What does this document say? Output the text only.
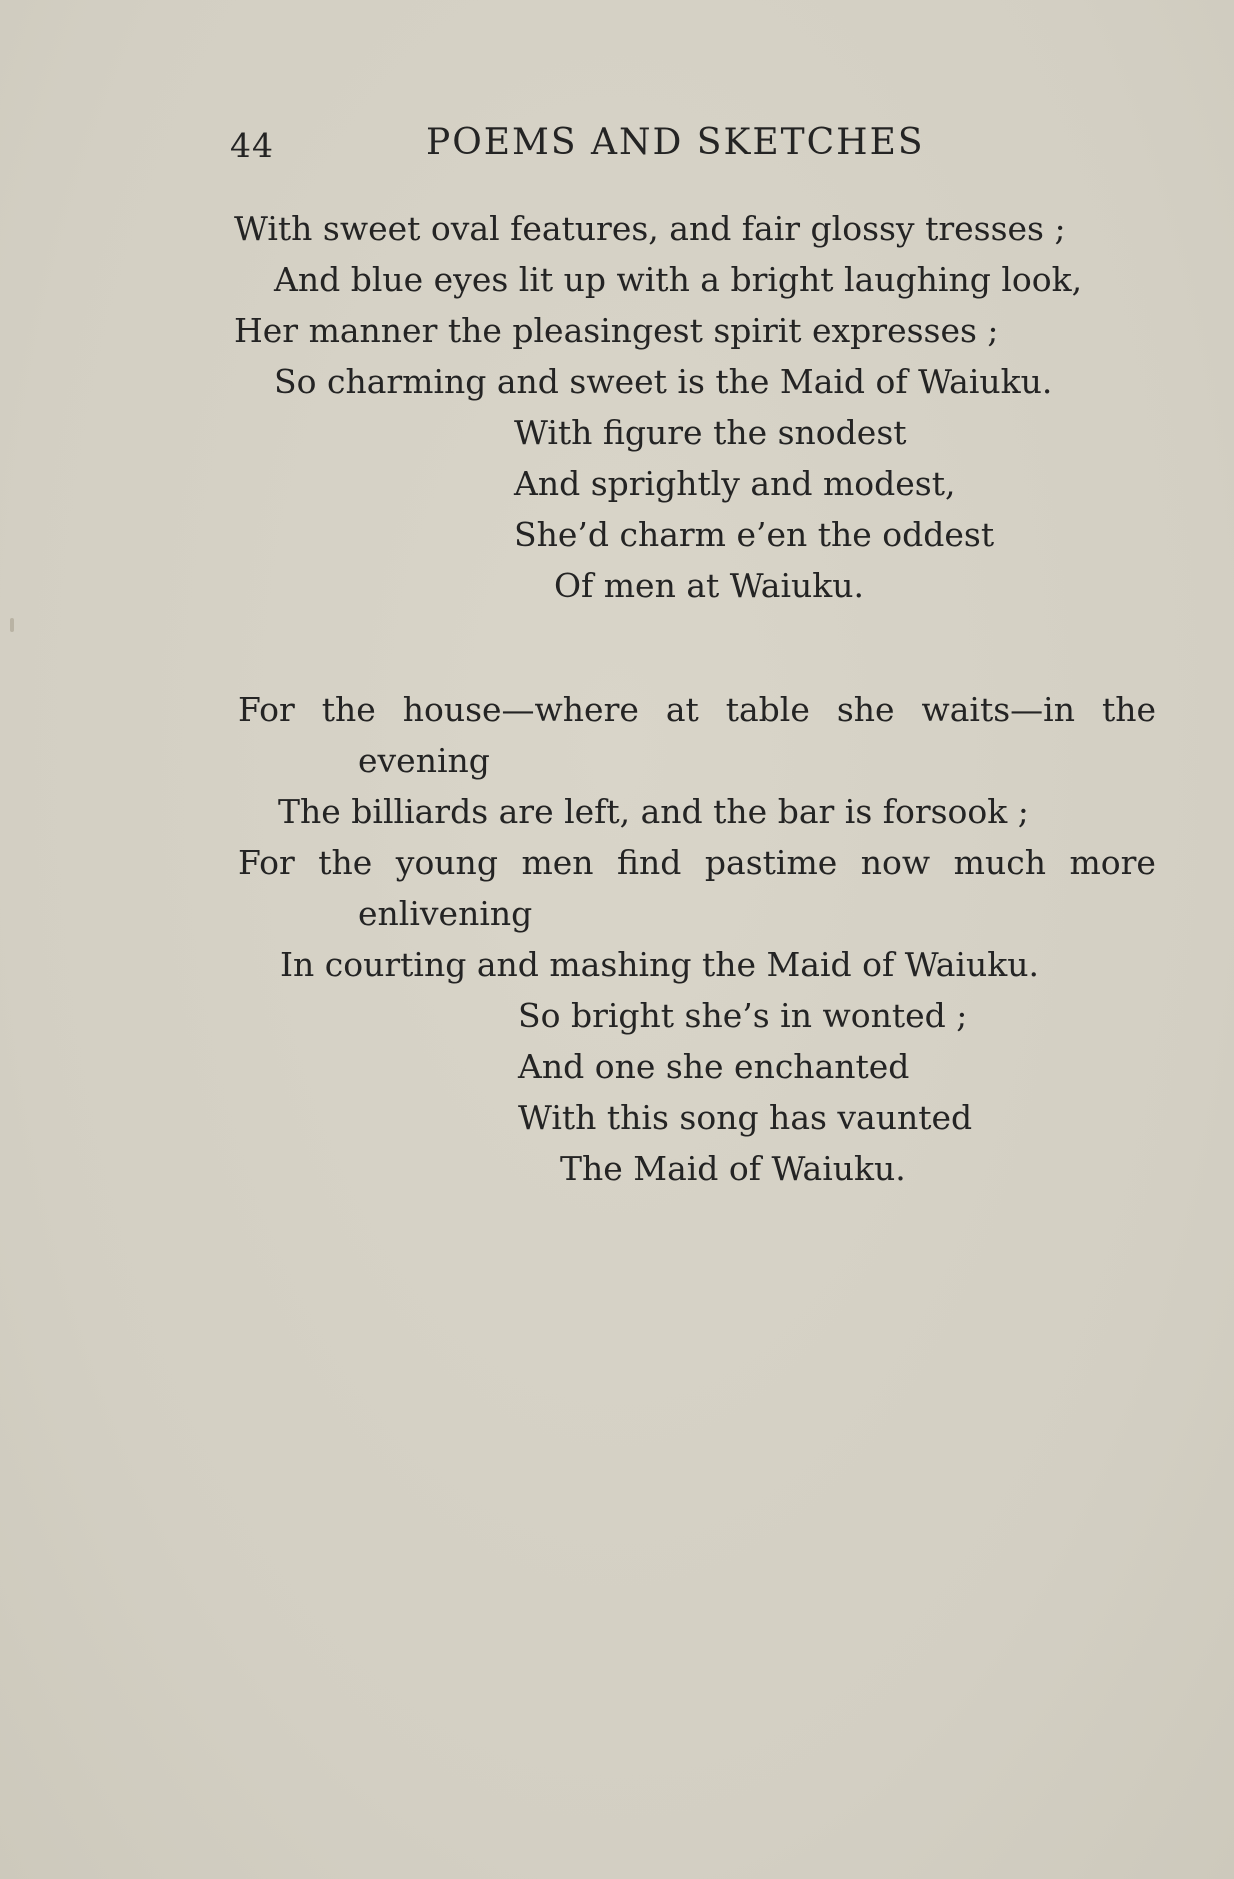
44	POEMS AND SKETCHES
With sweet oval features, and fair glossy tresses ;
And blue eyes lit up with a bright laughing look,
Her manner the pleasingest spirit expresses ;
So charming and sweet is the Maid of Waiuku.
With figure the snodest
And sprightly and modest,
She’d charm e’en the oddest
Of men at Waiuku.
For the house—where at table she waits—in the
evening
The billiards are left, and the bar is forsook ;
For the young men find pastime now much more
enlivening
In courting and mashing the Maid of Waiuku.
So bright she’s in wonted ;
And one she enchanted
With this song has vaunted
The Maid of Waiuku.
